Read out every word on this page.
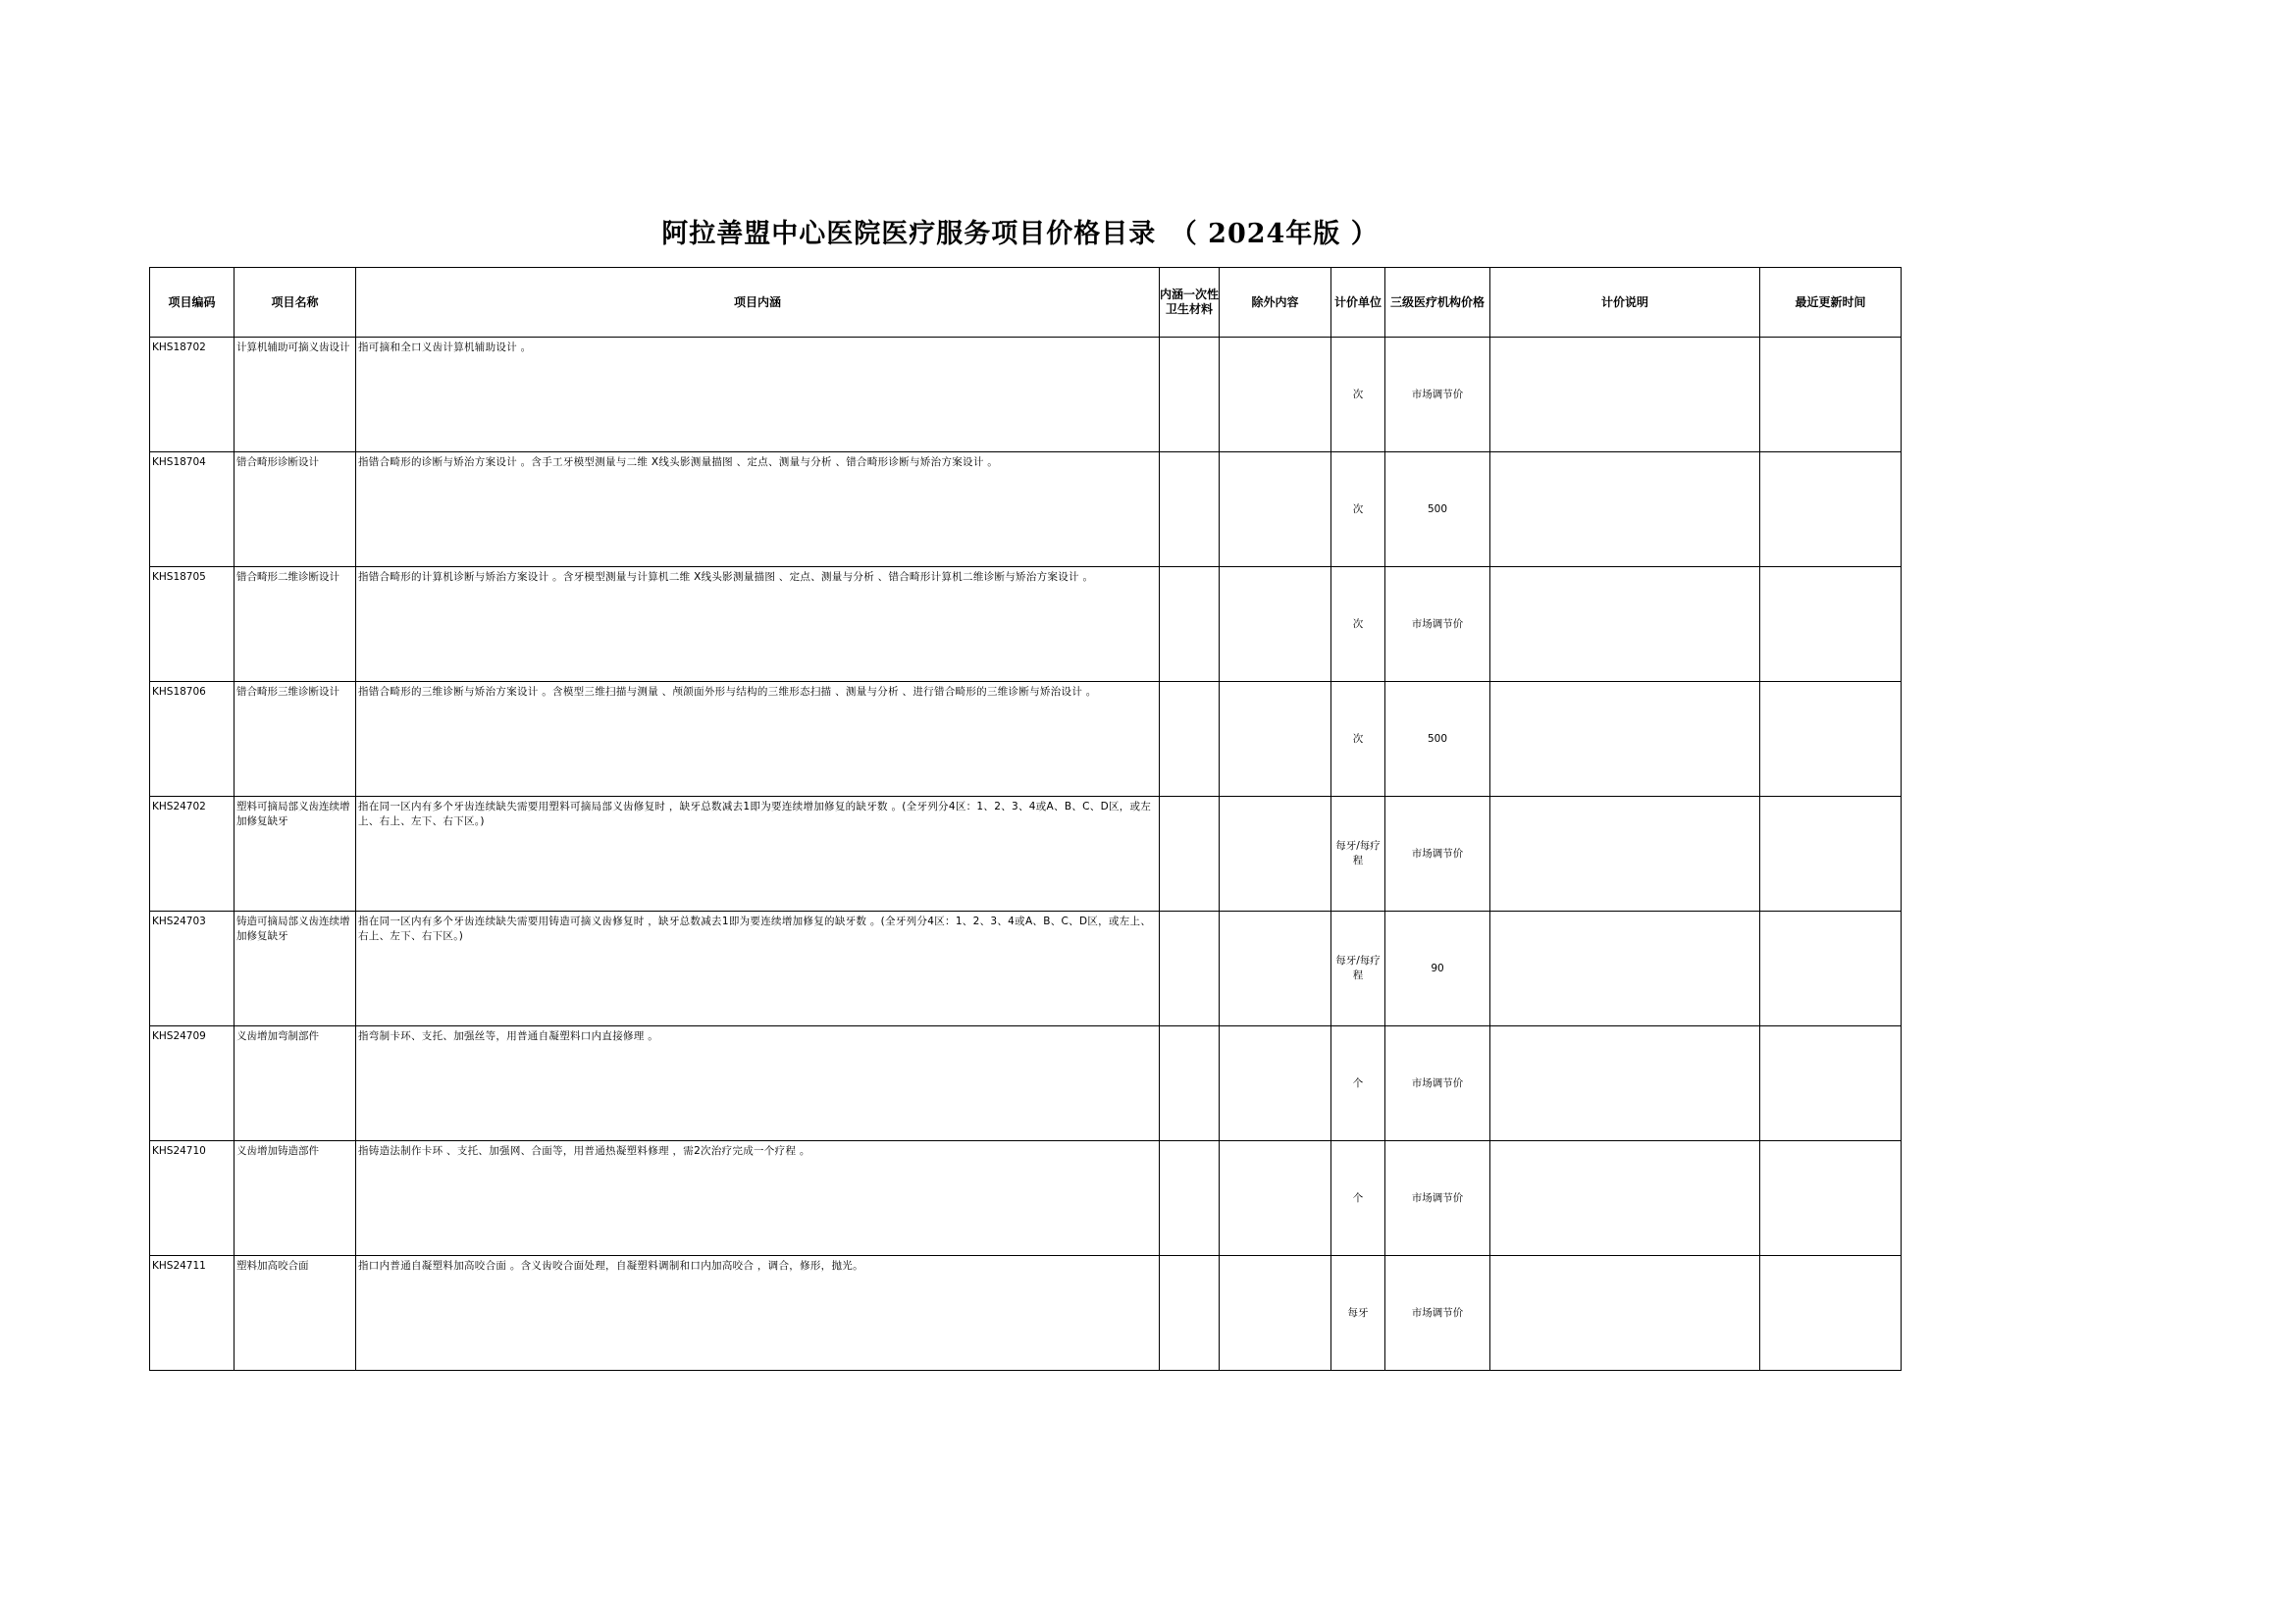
阿拉善盟中心医院医疗服务项目价格目录　（ 2024年版 ）
项目编码	项目名称	项目内涵	内涵一次性卫生材料	除外内容	计价单位	三级医疗机构价格	计价说明	最近更新时间
KHS18702	计算机辅助可摘义齿设计	指可摘和全口义齿计算机辅助设计 。			次	市场调节价		
KHS18704	错合畸形诊断设计	指错合畸形的诊断与矫治方案设计 。含手工牙模型测量与二维 X线头影测量描图 、定点、测量与分析 、错合畸形诊断与矫治方案设计 。			次	500		
KHS18705	错合畸形二维诊断设计	指错合畸形的计算机诊断与矫治方案设计 。含牙模型测量与计算机二维 X线头影测量描图 、定点、测量与分析 、错合畸形计算机二维诊断与矫治方案设计 。			次	市场调节价		
KHS18706	错合畸形三维诊断设计	指错合畸形的三维诊断与矫治方案设计 。含模型三维扫描与测量 、颅颌面外形与结构的三维形态扫描 、测量与分析 、进行错合畸形的三维诊断与矫治设计 。			次	500		
KHS24702	塑料可摘局部义齿连续增加修复缺牙	指在同一区内有多个牙齿连续缺失需要用塑料可摘局部义齿修复时 ，缺牙总数减去1即为要连续增加修复的缺牙数 。(全牙列分4区：1、2、3、4或A、B、C、D区，或左上、右上、左下、右下区。)			每牙/每疗程	市场调节价		
KHS24703	铸造可摘局部义齿连续增加修复缺牙	指在同一区内有多个牙齿连续缺失需要用铸造可摘义齿修复时 ，缺牙总数减去1即为要连续增加修复的缺牙数 。(全牙列分4区：1、2、3、4或A、B、C、D区，或左上、右上、左下、右下区。)			每牙/每疗程	90		
KHS24709	义齿增加弯制部件	指弯制卡环、支托、加强丝等，用普通自凝塑料口内直接修理 。			个	市场调节价		
KHS24710	义齿增加铸造部件	指铸造法制作卡环 、支托、加强网、合面等，用普通热凝塑料修理 ，需2次治疗完成一个疗程 。			个	市场调节价		
KHS24711	塑料加高咬合面	指口内普通自凝塑料加高咬合面 。含义齿咬合面处理，自凝塑料调制和口内加高咬合 ，调合，修形，抛光。			每牙	市场调节价		
